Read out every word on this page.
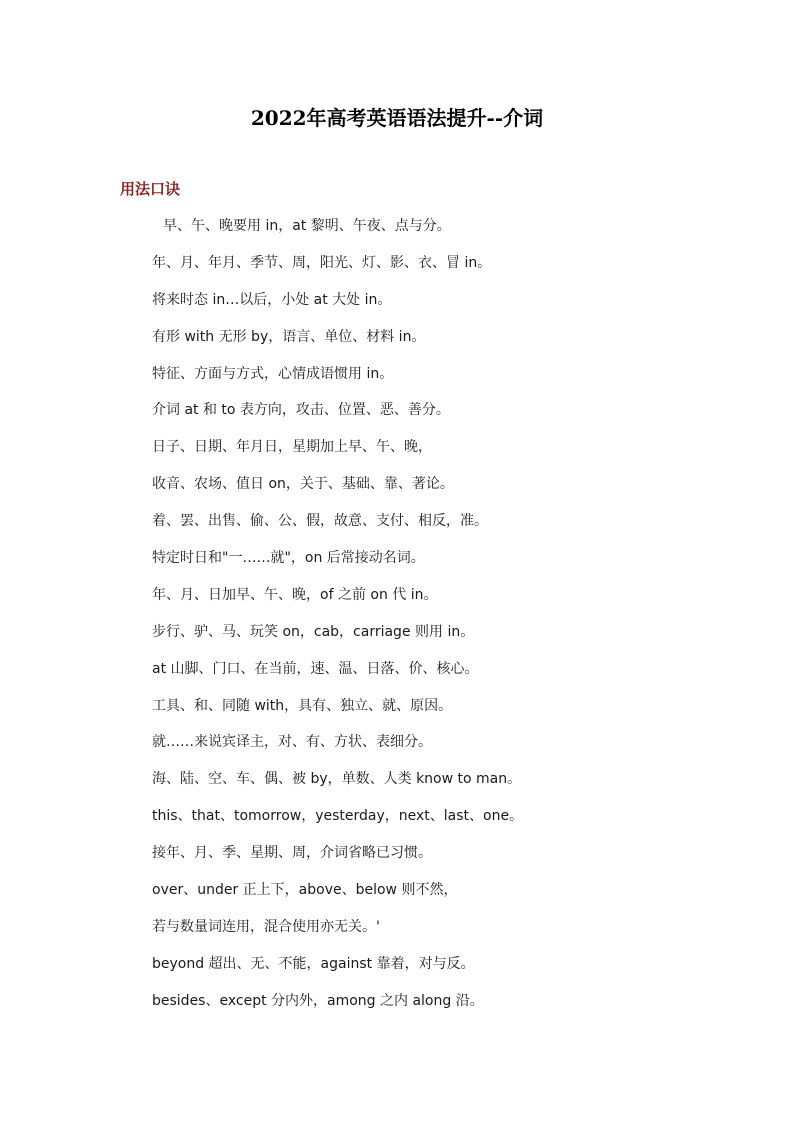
2022年高考英语语法提升--介词
用法口诀
早、午、晚要用 in，at 黎明、午夜、点与分。
年、月、年月、季节、周，阳光、灯、影、衣、冒 in。
将来时态 in…以后，小处 at 大处 in。
有形 with 无形 by，语言、单位、材料 in。
特征、方面与方式，心情成语惯用 in。
介词 at 和 to 表方向，攻击、位置、恶、善分。
日子、日期、年月日，星期加上早、午、晚，
收音、农场、值日 on，关于、基础、靠、著论。
着、罢、出售、偷、公、假，故意、支付、相反，准。
特定时日和"一……就"，on 后常接动名词。
年、月、日加早、午、晚，of 之前 on 代 in。
步行、驴、马、玩笑 on，cab，carriage 则用 in。
at 山脚、门口、在当前，速、温、日落、价、核心。
工具、和、同随 with，具有、独立、就、原因。
就……来说宾译主，对、有、方状、表细分。
海、陆、空、车、偶、被 by，单数、人类 know to man。
this、that、tomorrow，yesterday，next、last、one。
接年、月、季、星期、周，介词省略已习惯。
over、under 正上下，above、below 则不然，
若与数量词连用，混合使用亦无关。'
beyond 超出、无、不能，against 靠着，对与反。
besides、except 分内外，among 之内 along 沿。
